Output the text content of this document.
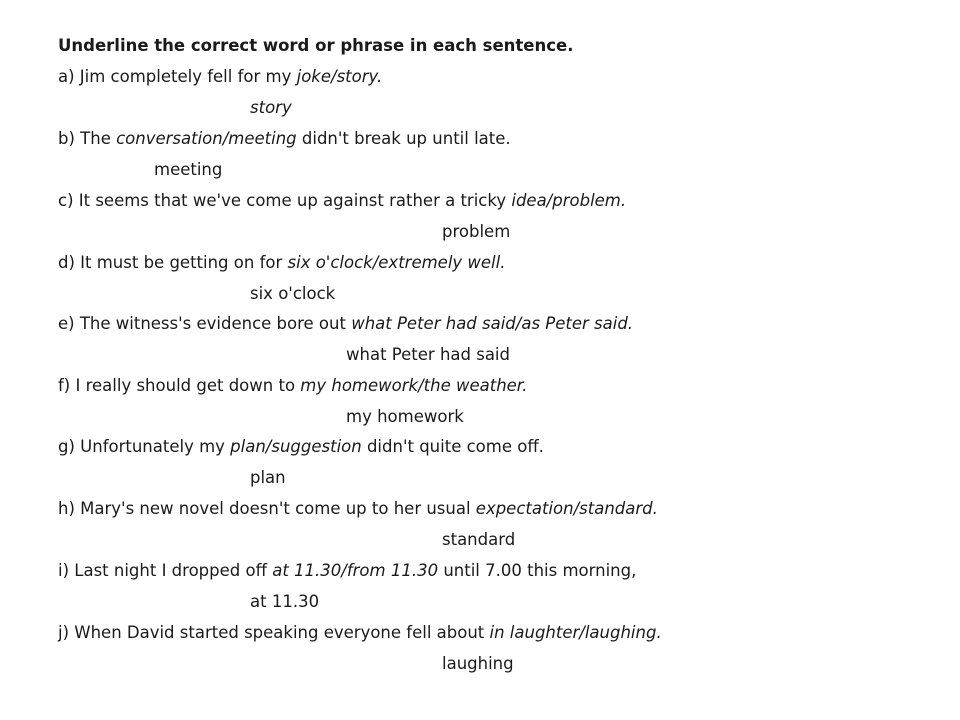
Underline the correct word or phrase in each sentence.
a) Jim completely fell for my joke/story.
story
b) The conversation/meeting didn't break up until late.
meeting
c) It seems that we've come up against rather a tricky idea/problem.
problem
d) It must be getting on for six o'clock/extremely well.
six o'clock
e) The witness's evidence bore out what Peter had said/as Peter said.
what Peter had said
f) I really should get down to my homework/the weather.
my homework
g) Unfortunately my plan/suggestion didn't quite come off.
plan
h) Mary's new novel doesn't come up to her usual expectation/standard.
standard
i) Last night I dropped off at 11.30/from 11.30 until 7.00 this morning,
at 11.30
j) When David started speaking everyone fell about in laughter/laughing.
laughing
